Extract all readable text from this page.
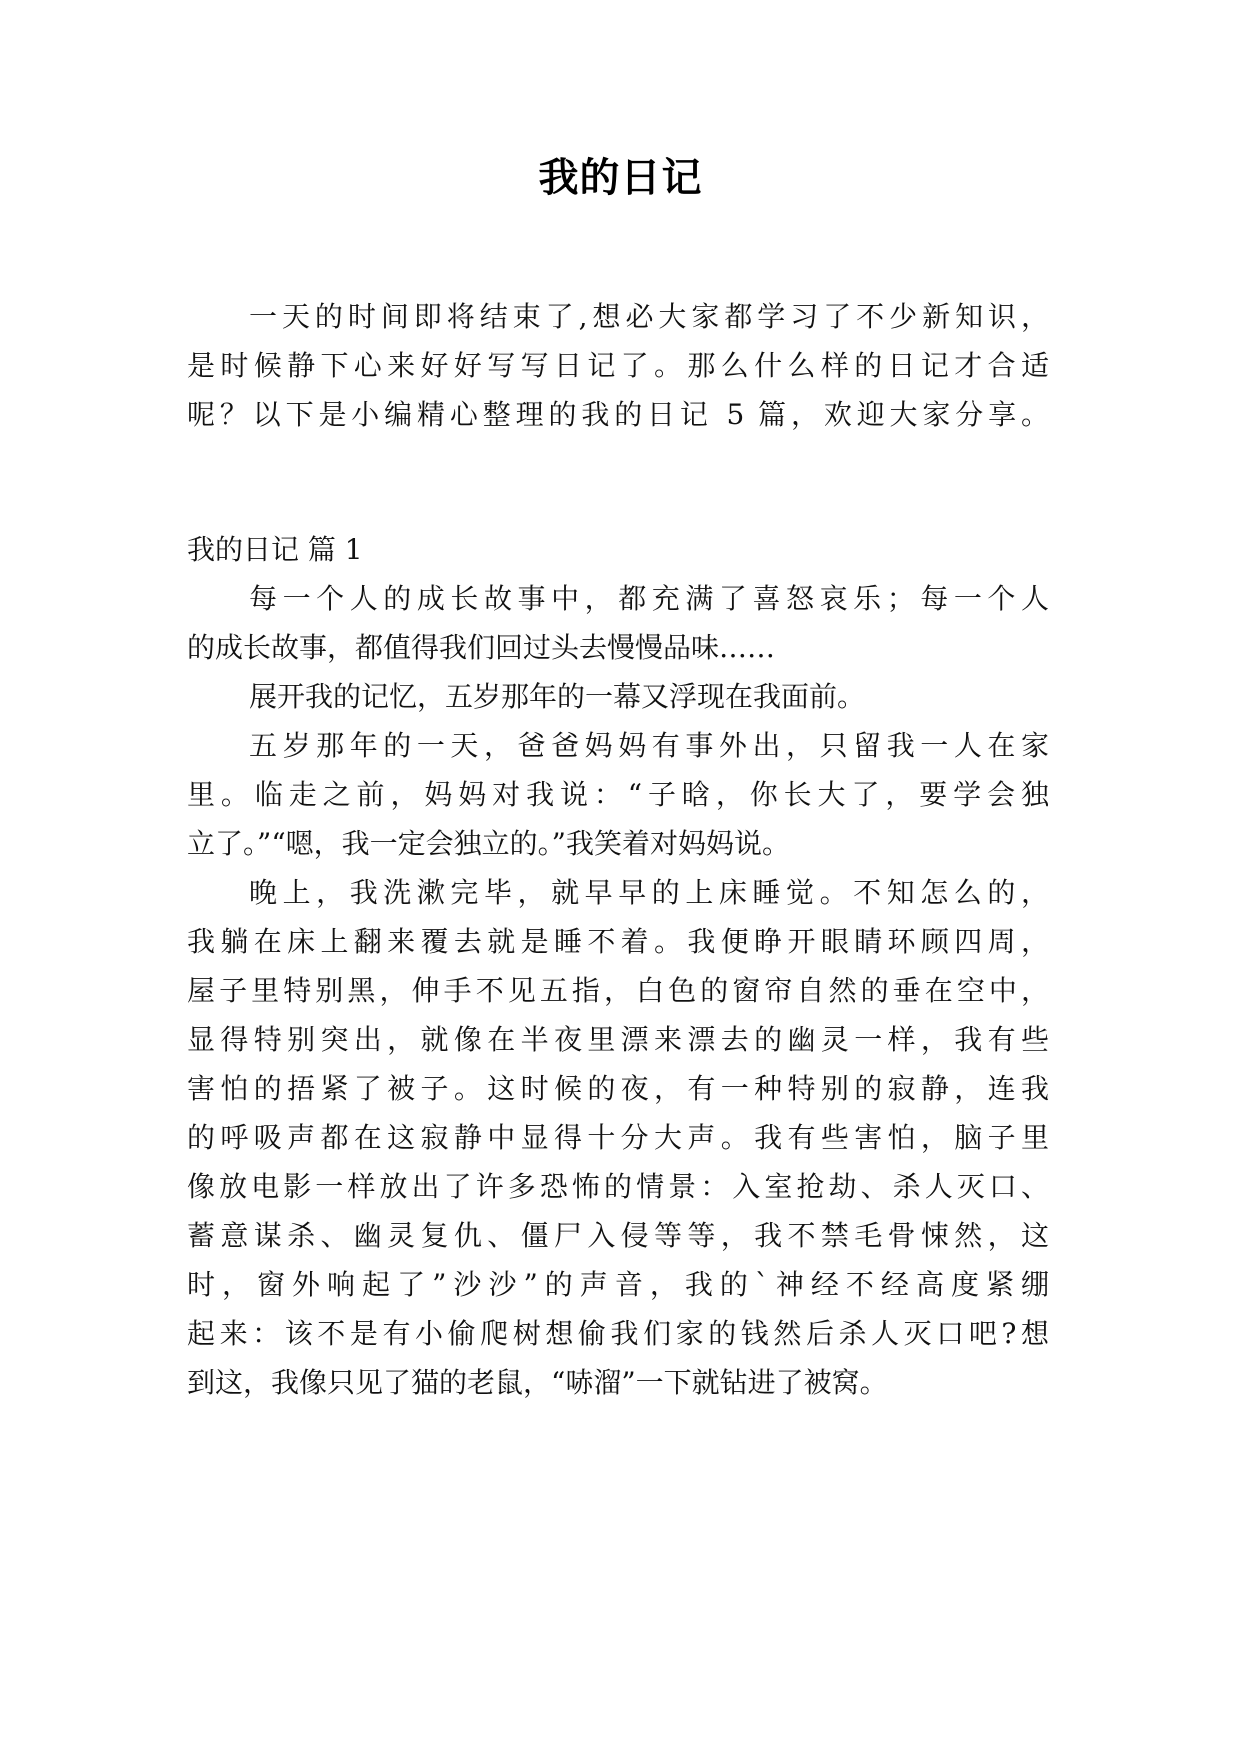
我的日记
一天的时间即将结束了,想必大家都学习了不少新知识，
是时候静下心来好好写写日记了。那么什么样的日记才合适
呢？以下是小编精心整理的我的日记 5 篇，欢迎大家分享。
我的日记 篇 1
每一个人的成长故事中，都充满了喜怒哀乐；每一个人
的成长故事，都值得我们回过头去慢慢品味……
展开我的记忆，五岁那年的一幕又浮现在我面前。
五岁那年的一天，爸爸妈妈有事外出，只留我一人在家
里。临走之前，妈妈对我说：“子晗，你长大了，要学会独
立了。”“嗯，我一定会独立的。”我笑着对妈妈说。
晚上，我洗漱完毕，就早早的上床睡觉。不知怎么的，
我躺在床上翻来覆去就是睡不着。我便睁开眼睛环顾四周，
屋子里特别黑，伸手不见五指，白色的窗帘自然的垂在空中，
显得特别突出，就像在半夜里漂来漂去的幽灵一样，我有些
害怕的捂紧了被子。这时候的夜，有一种特别的寂静，连我
的呼吸声都在这寂静中显得十分大声。我有些害怕，脑子里
像放电影一样放出了许多恐怖的情景：入室抢劫、杀人灭口、
蓄意谋杀、幽灵复仇、僵尸入侵等等，我不禁毛骨悚然，这
时，窗外响起了”沙沙”的声音，我的`神经不经高度紧绷
起来：该不是有小偷爬树想偷我们家的钱然后杀人灭口吧?想
到这，我像只见了猫的老鼠，“哧溜”一下就钻进了被窝。
